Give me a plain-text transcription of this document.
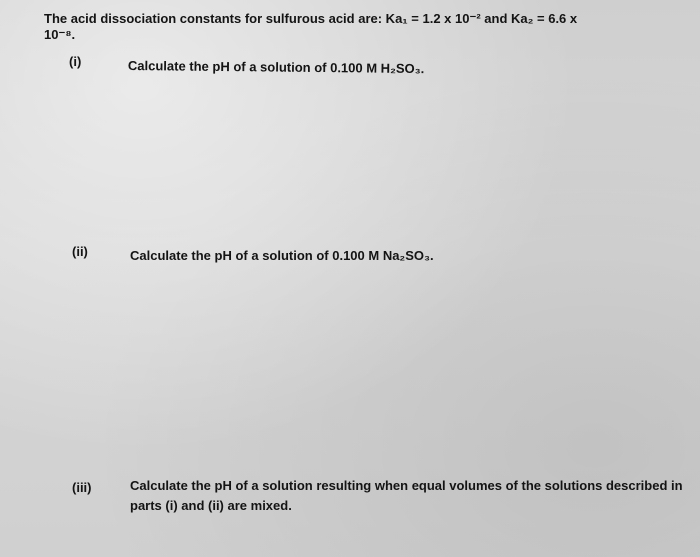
The acid dissociation constants for sulfurous acid are: Ka₁ = 1.2 x 10⁻² and Ka₂ = 6.6 x
10⁻⁸.
(i)	Calculate the pH of a solution of 0.100 M H₂SO₃.
(ii)	Calculate the pH of a solution of 0.100 M Na₂SO₃.
(iii)	Calculate the pH of a solution resulting when equal volumes of the solutions described in parts (i) and (ii) are mixed.
